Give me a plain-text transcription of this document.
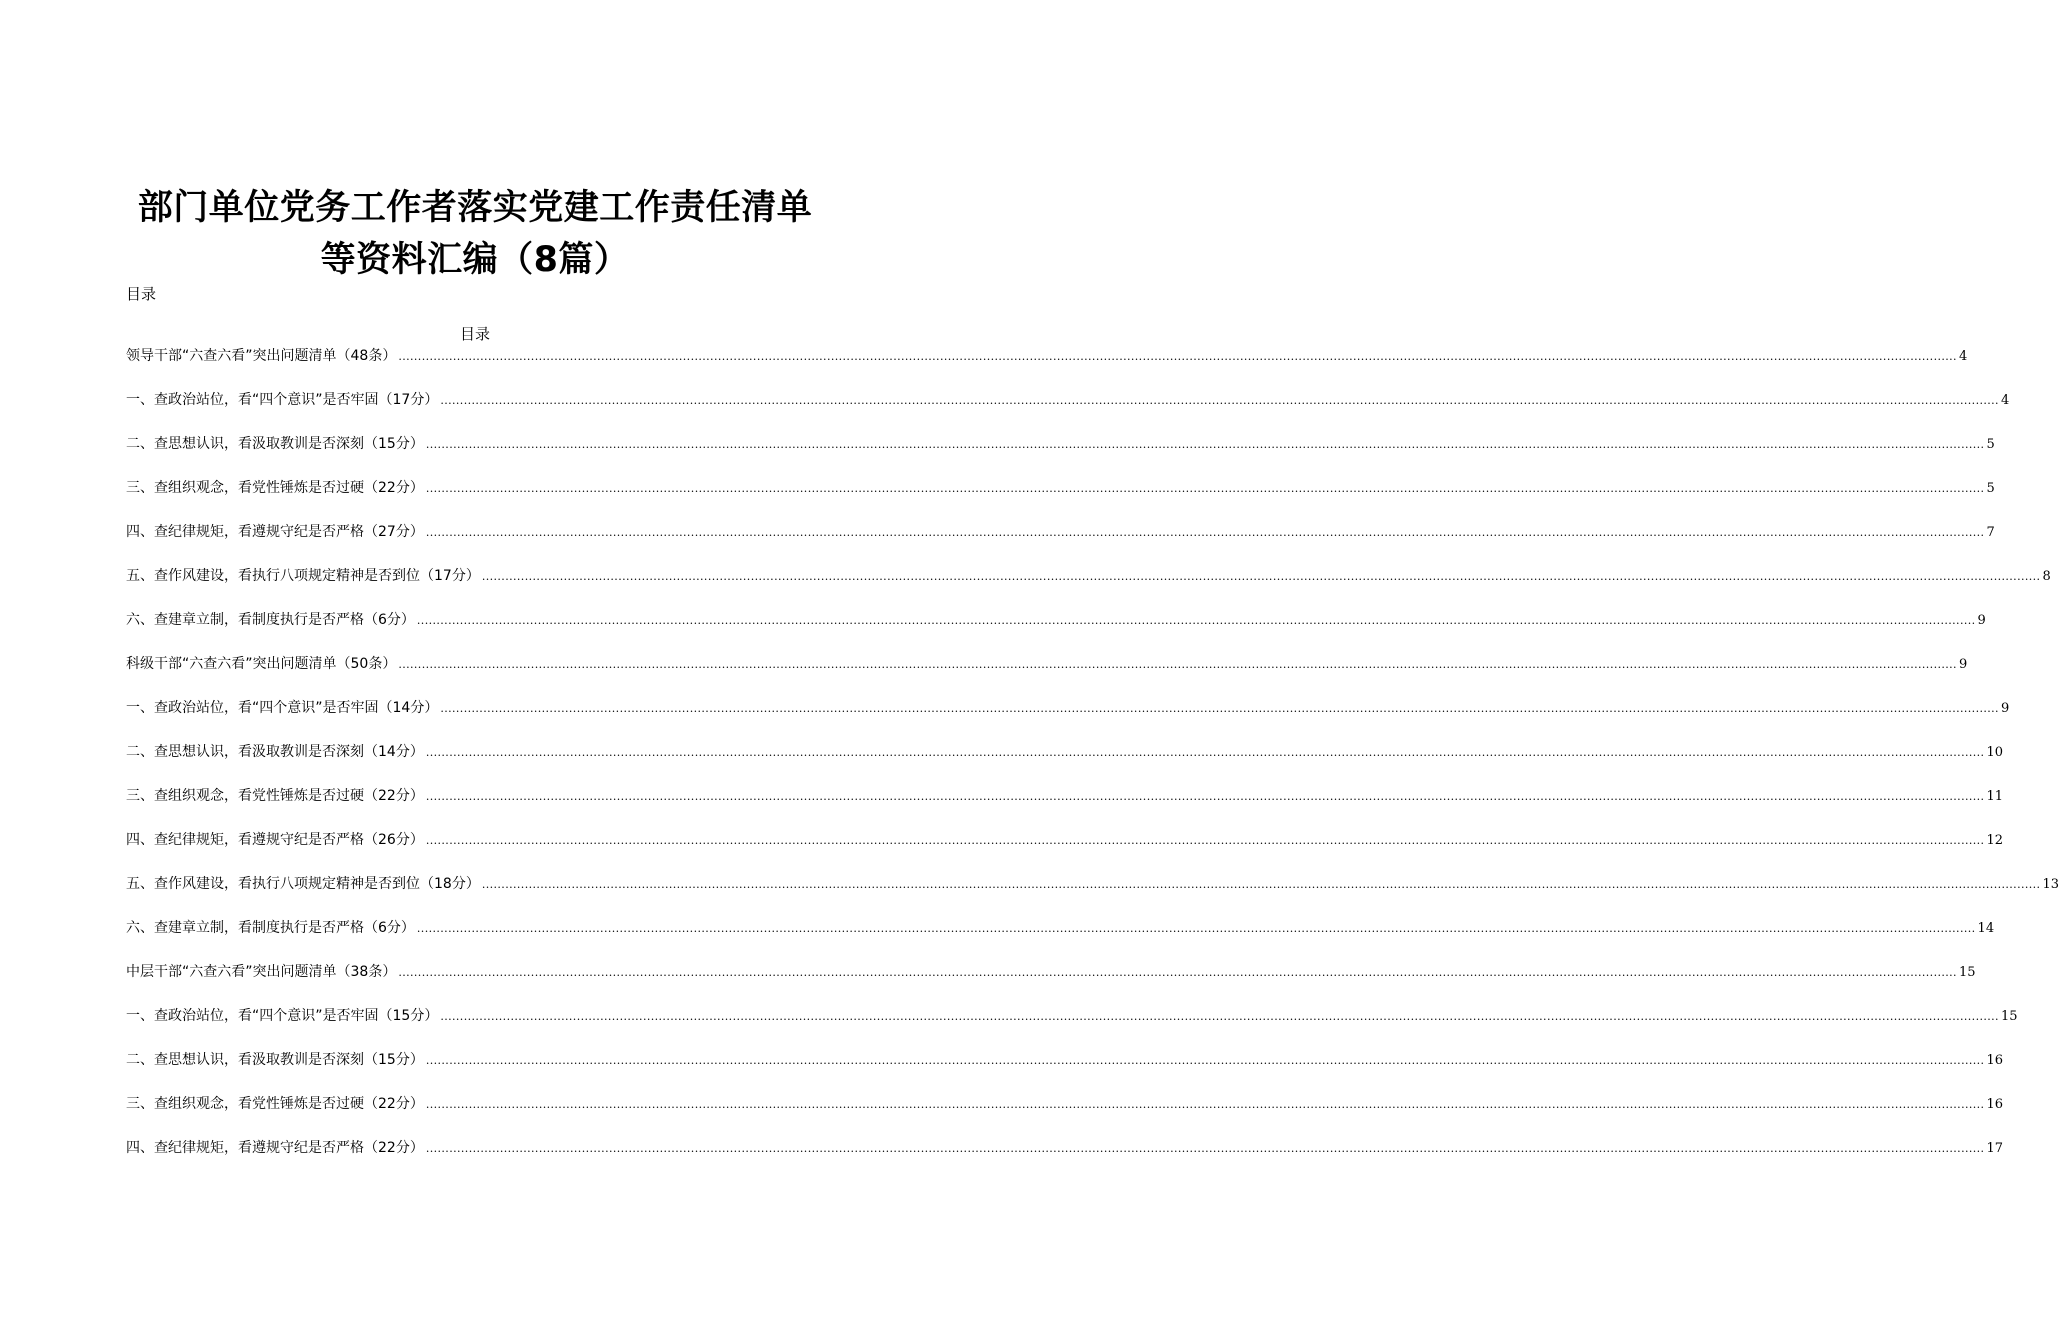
部门单位党务工作者落实党建工作责任清单
等资料汇编（8篇）
目录
目录
领导干部“六查六看”突出问题清单（48条） ................................................................................................................................................................................................................................................................................................................................................................................................................ 4
一、查政治站位，看“四个意识”是否牢固（17分） ................................................................................................................................................................................................................................................................................................................................................................................................................ 4
二、查思想认识，看汲取教训是否深刻（15分） ................................................................................................................................................................................................................................................................................................................................................................................................................ 5
三、查组织观念，看党性锤炼是否过硬（22分） ................................................................................................................................................................................................................................................................................................................................................................................................................ 5
四、查纪律规矩，看遵规守纪是否严格（27分） ................................................................................................................................................................................................................................................................................................................................................................................................................ 7
五、查作风建设，看执行八项规定精神是否到位（17分） ................................................................................................................................................................................................................................................................................................................................................................................................................ 8
六、查建章立制，看制度执行是否严格（6分） ................................................................................................................................................................................................................................................................................................................................................................................................................ 9
科级干部“六查六看”突出问题清单（50条） ................................................................................................................................................................................................................................................................................................................................................................................................................ 9
一、查政治站位，看“四个意识”是否牢固（14分） ................................................................................................................................................................................................................................................................................................................................................................................................................ 9
二、查思想认识，看汲取教训是否深刻（14分） ................................................................................................................................................................................................................................................................................................................................................................................................................ 10
三、查组织观念，看党性锤炼是否过硬（22分） ................................................................................................................................................................................................................................................................................................................................................................................................................ 11
四、查纪律规矩，看遵规守纪是否严格（26分） ................................................................................................................................................................................................................................................................................................................................................................................................................ 12
五、查作风建设，看执行八项规定精神是否到位（18分） ................................................................................................................................................................................................................................................................................................................................................................................................................ 13
六、查建章立制，看制度执行是否严格（6分） ................................................................................................................................................................................................................................................................................................................................................................................................................ 14
中层干部“六查六看”突出问题清单（38条） ................................................................................................................................................................................................................................................................................................................................................................................................................ 15
一、查政治站位，看“四个意识”是否牢固（15分） ................................................................................................................................................................................................................................................................................................................................................................................................................ 15
二、查思想认识，看汲取教训是否深刻（15分） ................................................................................................................................................................................................................................................................................................................................................................................................................ 16
三、查组织观念，看党性锤炼是否过硬（22分） ................................................................................................................................................................................................................................................................................................................................................................................................................ 16
四、查纪律规矩，看遵规守纪是否严格（22分） ................................................................................................................................................................................................................................................................................................................................................................................................................ 17
